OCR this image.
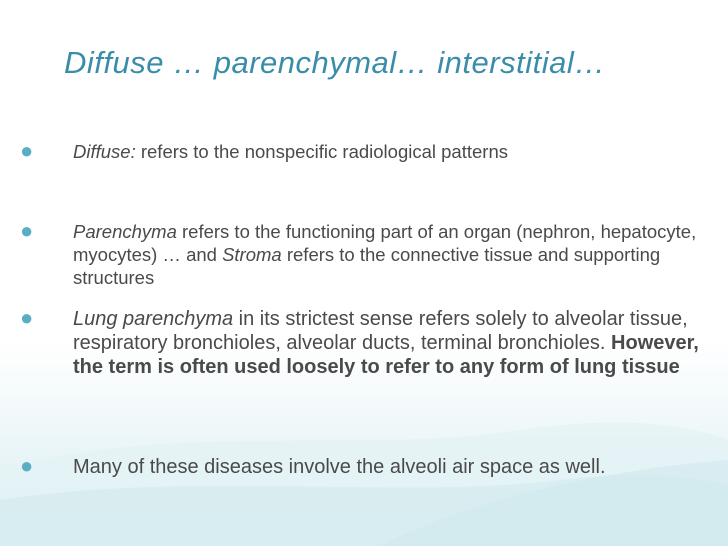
Diffuse … parenchymal… interstitial…
● Diffuse: refers to the nonspecific radiological patterns
● Parenchyma refers to the functioning part of an organ (nephron, hepatocyte, myocytes) … and Stroma refers to the connective tissue and supporting structures
● Lung parenchyma in its strictest sense refers solely to alveolar tissue, respiratory bronchioles, alveolar ducts, terminal bronchioles. However, the term is often used loosely to refer to any form of lung tissue
● Many of these diseases involve the alveoli air space as well.
